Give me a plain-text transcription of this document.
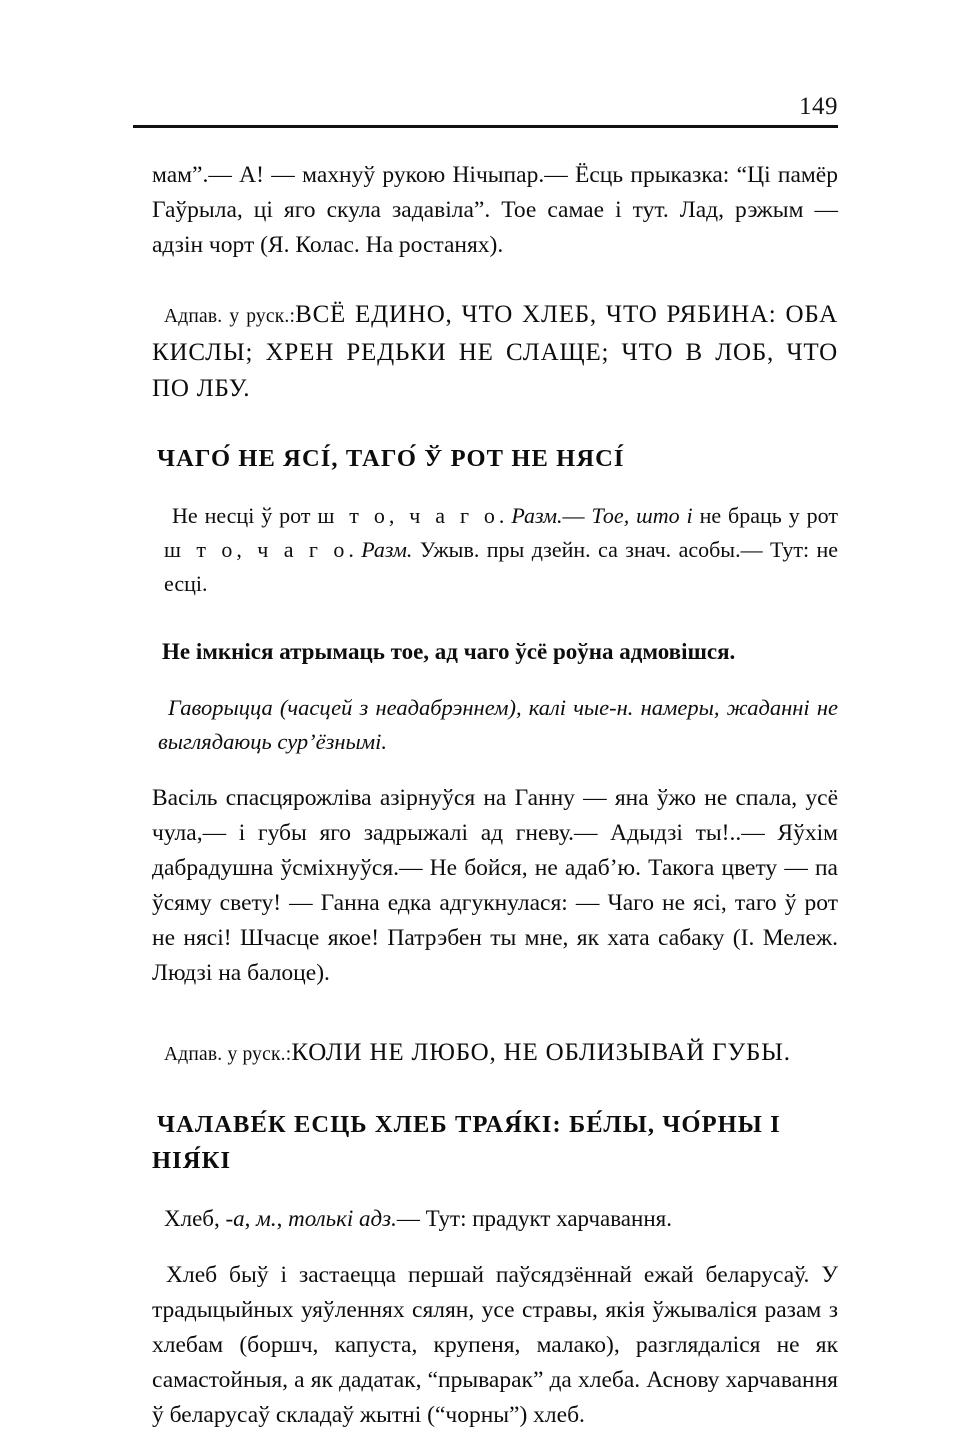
149

мам”.— А! — махнуў рукою Нічыпар.— Ёсць прыказка: “Ці памёр Гаўрыла, ці яго скула задавіла”. Тое самае і тут. Лад, рэжым — адзін чорт (Я. Колас. На ростанях).

Адпав. у руск.:ВСЁ ЕДИНО, ЧТО ХЛЕБ, ЧТО РЯБИНА: ОБА КИСЛЫ; ХРЕН РЕДЬКИ НЕ СЛАЩЕ; ЧТО В ЛОБ, ЧТО ПО ЛБУ.
ЧАГО́ НЕ ЯСІ́, ТАГО́ Ў РОТ НЕ НЯСІ́

Не несці ў рот ш т о, ч а г о. Разм.— Тое, што і не браць у рот ш т о, ч а г о. Разм. Ужыв. пры дзейн. са знач. асобы.— Тут: не есці.

Не імкніся атрымаць тое, ад чаго ўсё роўна адмовішся.

Гаворыцца (часцей з неадабрэннем), калі чые-н. намеры, жаданні не выглядаюць сур’ёзнымі.

Васіль спасцярожліва азірнуўся на Ганну — яна ўжо не спала, усё чула,— і губы яго задрыжалі ад гневу.— Адыдзі ты!..— Яўхім дабрадушна ўсміхнуўся.— Не бойся, не адаб’ю. Такога цвету — па ўсяму свету! — Ганна едка адгукнулася: — Чаго не ясі, таго ў рот не нясі! Шчасце якое! Патрэбен ты мне, як хата сабаку (І. Мележ. Людзі на балоце).

Адпав. у руск.:КОЛИ НЕ ЛЮБО, НЕ ОБЛИЗЫВАЙ ГУБЫ.
ЧАЛАВЕ́К ЕСЦЬ ХЛЕБ ТРАЯ́КІ: БЕ́ЛЫ, ЧО́РНЫ І
НІЯ́КІ

Хлеб, -а, м., толькі адз.— Тут: прадукт харчавання.

Хлеб быў і застаецца першай паўсядзённай ежай беларусаў. У традыцыйных уяўленнях сялян, усе стравы, якія ўжываліся разам з хлебам (боршч, капуста, крупеня, малако), разглядаліся не як самастойныя, а як дадатак, “прыварак” да хлеба. Аснову харчавання ў беларусаў складаў жытні (“чорны”) хлеб.
